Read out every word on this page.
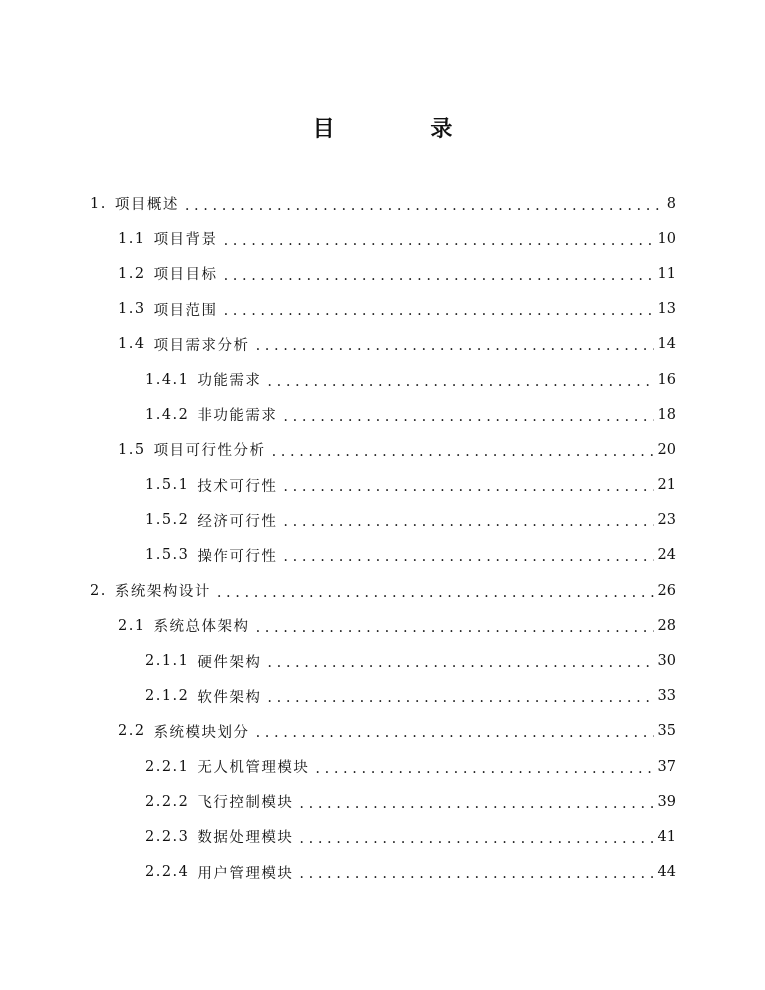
目 录
1. 项目概述 . . .	8
1.1 项目背景 . . .	10
1.2 项目目标 . . .	11
1.3 项目范围 . . .	13
1.4 项目需求分析 . . .	14
1.4.1 功能需求 . . .	16
1.4.2 非功能需求 . . .	18
1.5 项目可行性分析 . . .	20
1.5.1 技术可行性 . . .	21
1.5.2 经济可行性 . . .	23
1.5.3 操作可行性 . . .	24
2. 系统架构设计 . . .	26
2.1 系统总体架构 . . .	28
2.1.1 硬件架构 . . .	30
2.1.2 软件架构 . . .	33
2.2 系统模块划分 . . .	35
2.2.1 无人机管理模块 . . .	37
2.2.2 飞行控制模块 . . .	39
2.2.3 数据处理模块 . . .	41
2.2.4 用户管理模块 . . .	44
